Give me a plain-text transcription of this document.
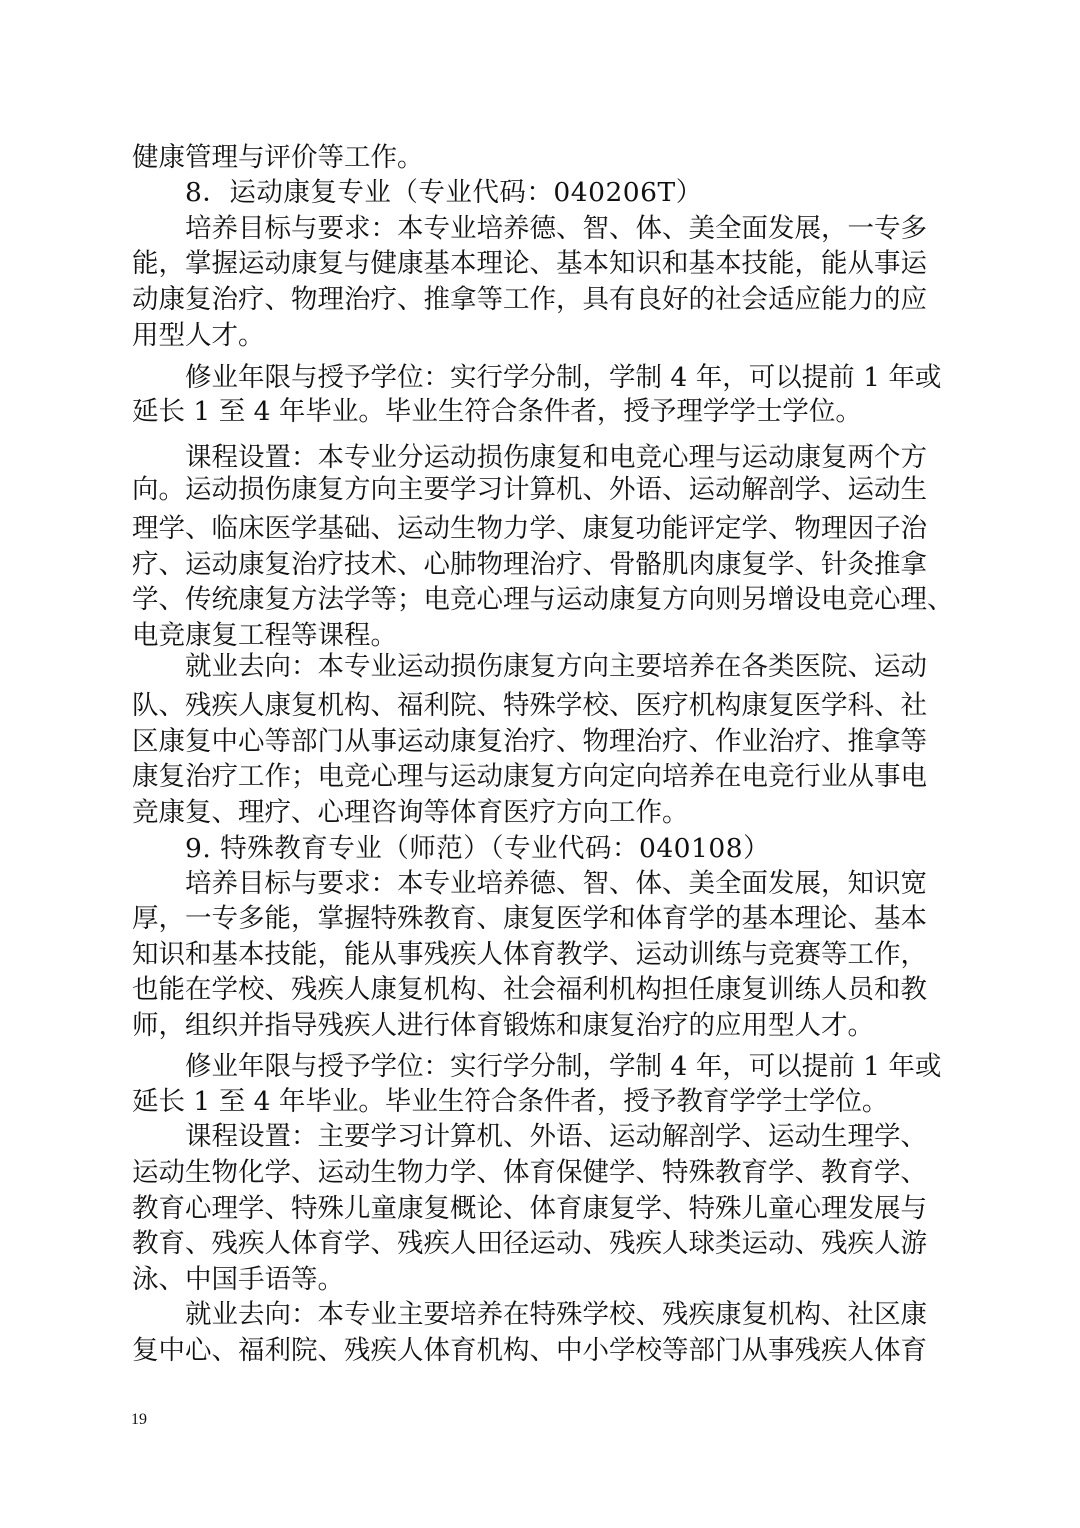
健康管理与评价等工作。
8．运动康复专业（专业代码：040206T）
培养目标与要求：本专业培养德、智、体、美全面发展，一专多
能，掌握运动康复与健康基本理论、基本知识和基本技能，能从事运
动康复治疗、物理治疗、推拿等工作，具有良好的社会适应能力的应
用型人才。
修业年限与授予学位：实行学分制，学制 4 年，可以提前 1 年或
延长 1 至 4 年毕业。毕业生符合条件者，授予理学学士学位。
课程设置：本专业分运动损伤康复和电竞心理与运动康复两个方
向。运动损伤康复方向主要学习计算机、外语、运动解剖学、运动生
理学、临床医学基础、运动生物力学、康复功能评定学、物理因子治
疗、运动康复治疗技术、心肺物理治疗、骨骼肌肉康复学、针灸推拿
学、传统康复方法学等；电竞心理与运动康复方向则另增设电竞心理、
电竞康复工程等课程。
就业去向：本专业运动损伤康复方向主要培养在各类医院、运动
队、残疾人康复机构、福利院、特殊学校、医疗机构康复医学科、社
区康复中心等部门从事运动康复治疗、物理治疗、作业治疗、推拿等
康复治疗工作；电竞心理与运动康复方向定向培养在电竞行业从事电
竞康复、理疗、心理咨询等体育医疗方向工作。
9. 特殊教育专业（师范）（专业代码：040108）
培养目标与要求：本专业培养德、智、体、美全面发展，知识宽
厚，一专多能，掌握特殊教育、康复医学和体育学的基本理论、基本
知识和基本技能，能从事残疾人体育教学、运动训练与竞赛等工作，
也能在学校、残疾人康复机构、社会福利机构担任康复训练人员和教
师，组织并指导残疾人进行体育锻炼和康复治疗的应用型人才。
修业年限与授予学位：实行学分制，学制 4 年，可以提前 1 年或
延长 1 至 4 年毕业。毕业生符合条件者，授予教育学学士学位。
课程设置：主要学习计算机、外语、运动解剖学、运动生理学、
运动生物化学、运动生物力学、体育保健学、特殊教育学、教育学、
教育心理学、特殊儿童康复概论、体育康复学、特殊儿童心理发展与
教育、残疾人体育学、残疾人田径运动、残疾人球类运动、残疾人游
泳、中国手语等。
就业去向：本专业主要培养在特殊学校、残疾康复机构、社区康
复中心、福利院、残疾人体育机构、中小学校等部门从事残疾人体育
19
